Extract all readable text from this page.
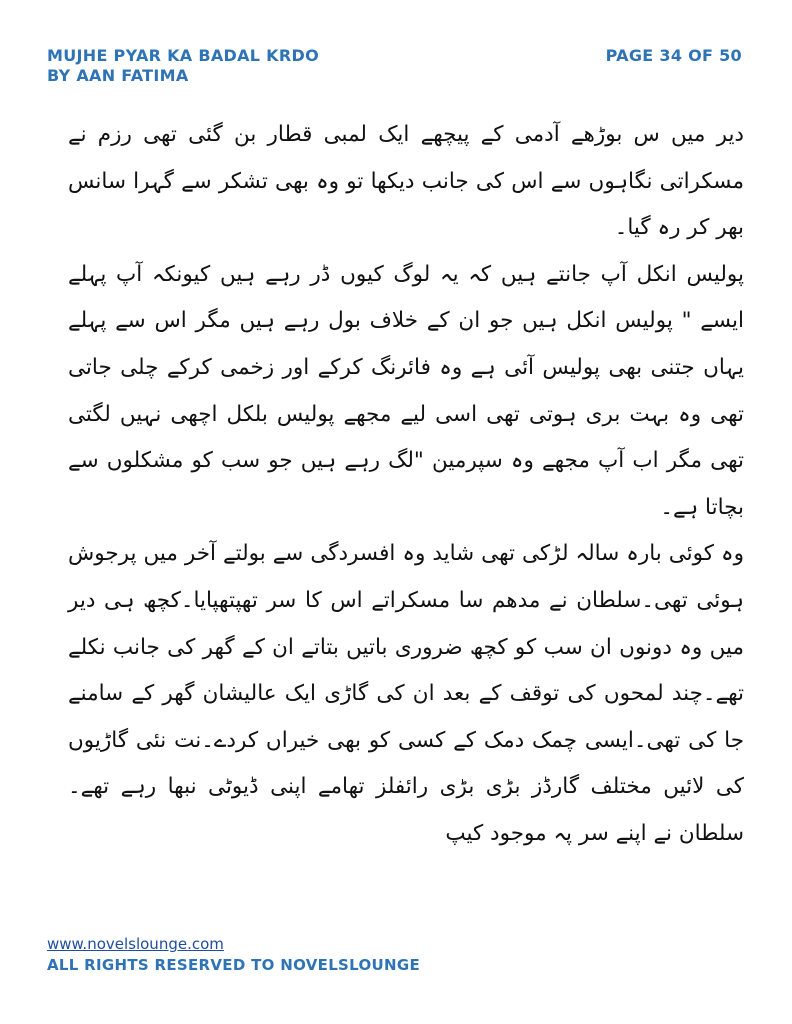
MUJHE PYAR KA BADAL KRDO
BY AAN FATIMA
PAGE 34 OF 50

دیر میں س بوڑھے آدمی کے پیچھے ایک لمبی قطار بن گئی تھی رزم نے مسکراتی نگاہوں سے اس کی جانب دیکھا تو وہ بھی تشکر سے گہرا سانس بھر کر رہ گیا۔

پولیس انکل آپ جانتے ہیں کہ یہ لوگ کیوں ڈر رہے ہیں کیونکہ آپ پہلے ایسے " پولیس انکل ہیں جو ان کے خلاف بول رہے ہیں مگر اس سے پہلے یہاں جتنی بھی پولیس آئی ہے وہ فائرنگ کرکے اور زخمی کرکے چلی جاتی تھی وہ بہت بری ہوتی تھی اسی لیے مجھے پولیس بلکل اچھی نہیں لگتی تھی مگر اب آپ مجھے وہ سپرمین "لگ رہے ہیں جو سب کو مشکلوں سے بچاتا ہے۔

وہ کوئی بارہ سالہ لڑکی تھی شاید وہ افسردگی سے بولتے آخر میں پرجوش ہوئی تھی۔سلطان نے مدھم سا مسکراتے اس کا سر تھپتھپایا۔کچھ ہی دیر میں وہ دونوں ان سب کو کچھ ضروری باتیں بتاتے ان کے گھر کی جانب نکلے تھے۔چند لمحوں کی توقف کے بعد ان کی گاڑی ایک عالیشان گھر کے سامنے جا کی تھی۔ایسی چمک دمک کے کسی کو بھی خیراں کردے۔نت نئی گاڑیوں کی لائیں مختلف گارڈز بڑی بڑی رائفلز تھامے اپنی ڈیوٹی نبھا رہے تھے۔سلطان نے اپنے سر پہ موجود کیپ

www.novelslounge.com
ALL RIGHTS RESERVED TO NOVELSLOUNGE
